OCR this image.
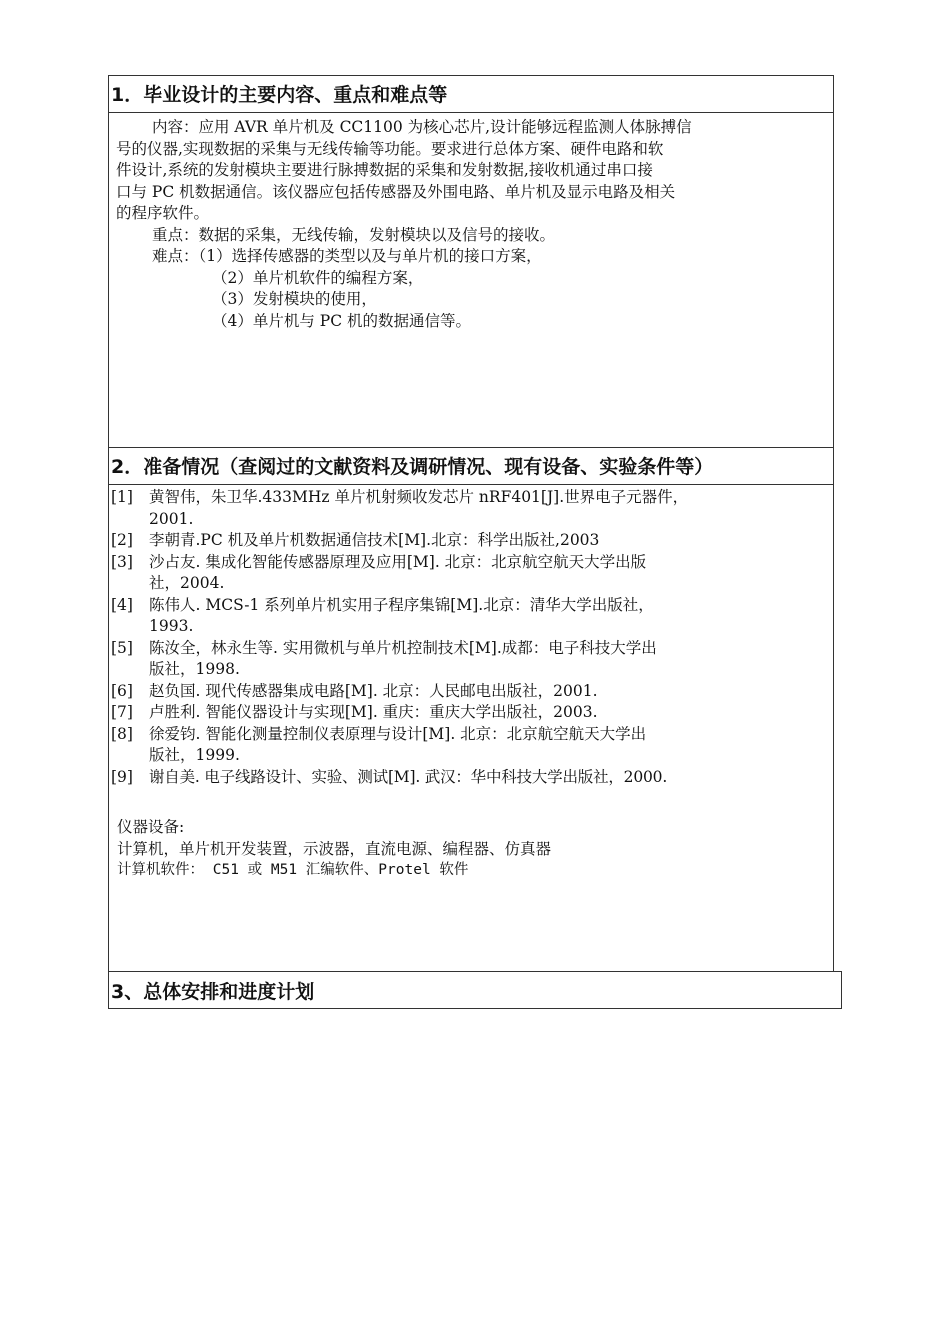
1．毕业设计的主要内容、重点和难点等
内容：应用 AVR 单片机及 CC1100 为核心芯片,设计能够远程监测人体脉搏信
号的仪器,实现数据的采集与无线传输等功能。要求进行总体方案、硬件电路和软
件设计,系统的发射模块主要进行脉搏数据的采集和发射数据,接收机通过串口接
口与 PC 机数据通信。该仪器应包括传感器及外围电路、单片机及显示电路及相关
的程序软件。
重点：数据的采集，无线传输，发射模块以及信号的接收。
难点：（1）选择传感器的类型以及与单片机的接口方案，
（2）单片机软件的编程方案，
（3）发射模块的使用，
（4）单片机与 PC 机的数据通信等。
2．准备情况（查阅过的文献资料及调研情况、现有设备、实验条件等）
[1]	黄智伟，朱卫华.433MHz 单片机射频收发芯片 nRF401[J].世界电子元器件，
2001.
[2]	李朝青.PC 机及单片机数据通信技术[M].北京：科学出版社,2003
[3]	沙占友. 集成化智能传感器原理及应用[M]. 北京：北京航空航天大学出版
社，2004.
[4]	陈伟人. MCS-1 系列单片机实用子程序集锦[M].北京：清华大学出版社，
1993.
[5]	陈汝全，林永生等. 实用微机与单片机控制技术[M].成都：电子科技大学出
版社，1998.
[6]	赵负国. 现代传感器集成电路[M]. 北京：人民邮电出版社，2001.
[7]	卢胜利. 智能仪器设计与实现[M]. 重庆：重庆大学出版社，2003.
[8]	徐爱钧. 智能化测量控制仪表原理与设计[M]. 北京：北京航空航天大学出
版社，1999.
[9]	谢自美. 电子线路设计、实验、测试[M]. 武汉：华中科技大学出版社，2000.
仪器设备:
计算机，单片机开发装置，示波器，直流电源、编程器、仿真器
计算机软件： C51 或 M51 汇编软件、Protel 软件
3、总体安排和进度计划
